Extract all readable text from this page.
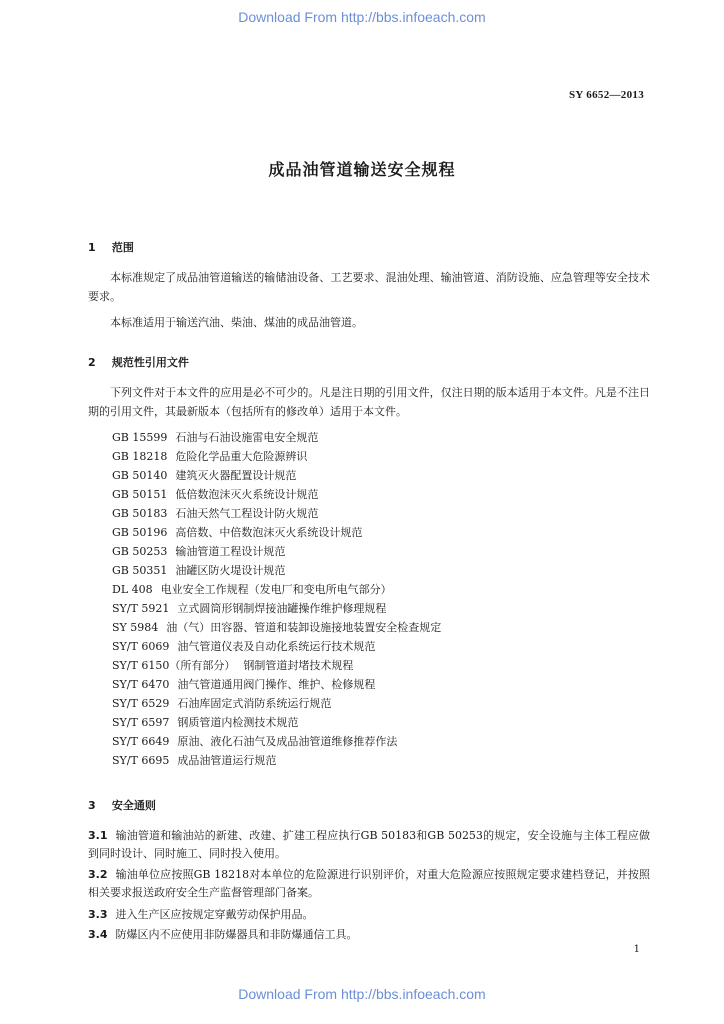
Download From http://bbs.infoeach.com
SY 6652—2013
成品油管道输送安全规程
1 范围
本标准规定了成品油管道输送的输储油设备、工艺要求、混油处理、输油管道、消防设施、应急管理等安全技术要求。
本标准适用于输送汽油、柴油、煤油的成品油管道。
2 规范性引用文件
下列文件对于本文件的应用是必不可少的。凡是注日期的引用文件，仅注日期的版本适用于本文件。凡是不注日期的引用文件，其最新版本（包括所有的修改单）适用于本文件。
GB 15599 石油与石油设施雷电安全规范
GB 18218 危险化学品重大危险源辨识
GB 50140 建筑灭火器配置设计规范
GB 50151 低倍数泡沫灭火系统设计规范
GB 50183 石油天然气工程设计防火规范
GB 50196 高倍数、中倍数泡沫灭火系统设计规范
GB 50253 输油管道工程设计规范
GB 50351 油罐区防火堤设计规范
DL 408 电业安全工作规程（发电厂和变电所电气部分）
SY/T 5921 立式圆筒形钢制焊接油罐操作维护修理规程
SY 5984 油（气）田容器、管道和装卸设施接地装置安全检查规定
SY/T 6069 油气管道仪表及自动化系统运行技术规范
SY/T 6150（所有部分） 钢制管道封堵技术规程
SY/T 6470 油气管道通用阀门操作、维护、检修规程
SY/T 6529 石油库固定式消防系统运行规范
SY/T 6597 钢质管道内检测技术规范
SY/T 6649 原油、液化石油气及成品油管道维修推荐作法
SY/T 6695 成品油管道运行规范
3 安全通则
3.1 输油管道和输油站的新建、改建、扩建工程应执行GB 50183和GB 50253的规定，安全设施与主体工程应做到同时设计、同时施工、同时投入使用。
3.2 输油单位应按照GB 18218对本单位的危险源进行识别评价，对重大危险源应按照规定要求建档登记，并按照相关要求报送政府安全生产监督管理部门备案。
3.3 进入生产区应按规定穿戴劳动保护用品。
3.4 防爆区内不应使用非防爆器具和非防爆通信工具。
1
Download From http://bbs.infoeach.com
